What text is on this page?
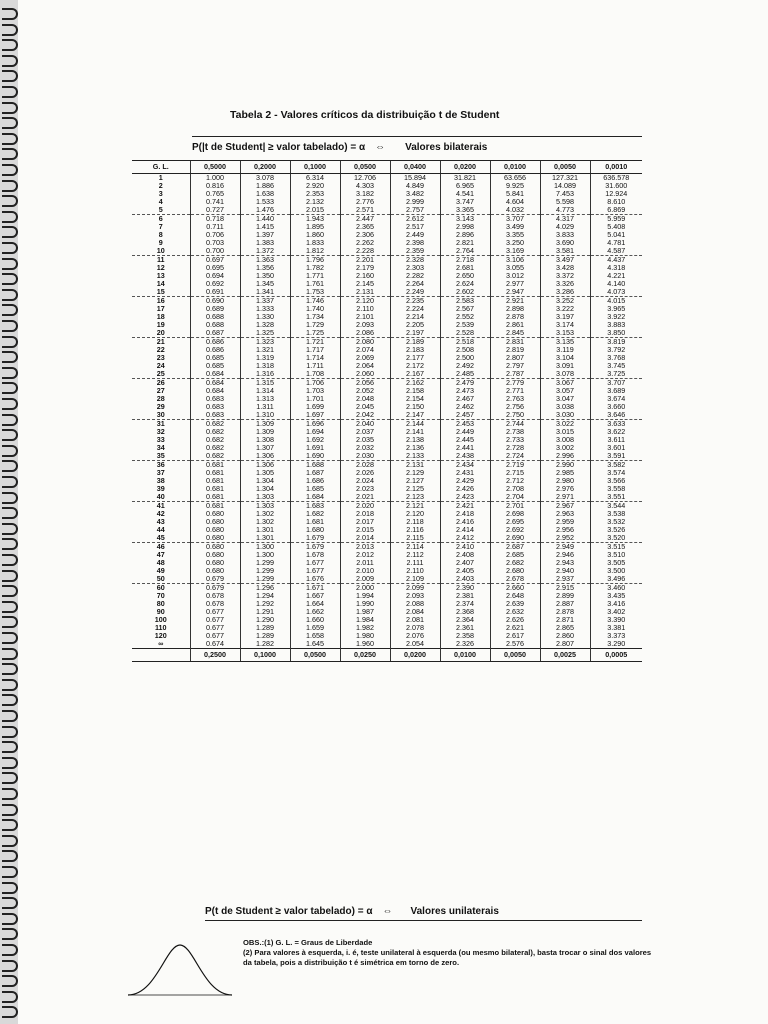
Tabela 2 - Valores críticos da distribuição t de Student
P(|t de Student| ≥ valor tabelado) = α ⇔ Valores bilaterais
G. L.	0,5000	0,2000	0,1000	0,0500	0,0400	0,0200	0,0100	0,0050	0,0010
1	1.000	3.078	6.314	12.706	15.894	31.821	63.656	127.321	636.578
2	0.816	1.886	2.920	4.303	4.849	6.965	9.925	14.089	31.600
3	0.765	1.638	2.353	3.182	3.482	4.541	5.841	7.453	12.924
4	0.741	1.533	2.132	2.776	2.999	3.747	4.604	5.598	8.610
5	0.727	1.476	2.015	2.571	2.757	3.365	4.032	4.773	6.869
6	0.718	1.440	1.943	2.447	2.612	3.143	3.707	4.317	5.959
7	0.711	1.415	1.895	2.365	2.517	2.998	3.499	4.029	5.408
8	0.706	1.397	1.860	2.306	2.449	2.896	3.355	3.833	5.041
9	0.703	1.383	1.833	2.262	2.398	2.821	3.250	3.690	4.781
10	0.700	1.372	1.812	2.228	2.359	2.764	3.169	3.581	4.587
11	0.697	1.363	1.796	2.201	2.328	2.718	3.106	3.497	4.437
12	0.695	1.356	1.782	2.179	2.303	2.681	3.055	3.428	4.318
13	0.694	1.350	1.771	2.160	2.282	2.650	3.012	3.372	4.221
14	0.692	1.345	1.761	2.145	2.264	2.624	2.977	3.326	4.140
15	0.691	1.341	1.753	2.131	2.249	2.602	2.947	3.286	4.073
16	0.690	1.337	1.746	2.120	2.235	2.583	2.921	3.252	4.015
17	0.689	1.333	1.740	2.110	2.224	2.567	2.898	3.222	3.965
18	0.688	1.330	1.734	2.101	2.214	2.552	2.878	3.197	3.922
19	0.688	1.328	1.729	2.093	2.205	2.539	2.861	3.174	3.883
20	0.687	1.325	1.725	2.086	2.197	2.528	2.845	3.153	3.850
21	0.686	1.323	1.721	2.080	2.189	2.518	2.831	3.135	3.819
22	0.686	1.321	1.717	2.074	2.183	2.508	2.819	3.119	3.792
23	0.685	1.319	1.714	2.069	2.177	2.500	2.807	3.104	3.768
24	0.685	1.318	1.711	2.064	2.172	2.492	2.797	3.091	3.745
25	0.684	1.316	1.708	2.060	2.167	2.485	2.787	3.078	3.725
26	0.684	1.315	1.706	2.056	2.162	2.479	2.779	3.067	3.707
27	0.684	1.314	1.703	2.052	2.158	2.473	2.771	3.057	3.689
28	0.683	1.313	1.701	2.048	2.154	2.467	2.763	3.047	3.674
29	0.683	1.311	1.699	2.045	2.150	2.462	2.756	3.038	3.660
30	0.683	1.310	1.697	2.042	2.147	2.457	2.750	3.030	3.646
31	0.682	1.309	1.696	2.040	2.144	2.453	2.744	3.022	3.633
32	0.682	1.309	1.694	2.037	2.141	2.449	2.738	3.015	3.622
33	0.682	1.308	1.692	2.035	2.138	2.445	2.733	3.008	3.611
34	0.682	1.307	1.691	2.032	2.136	2.441	2.728	3.002	3.601
35	0.682	1.306	1.690	2.030	2.133	2.438	2.724	2.996	3.591
36	0.681	1.306	1.688	2.028	2.131	2.434	2.719	2.990	3.582
37	0.681	1.305	1.687	2.026	2.129	2.431	2.715	2.985	3.574
38	0.681	1.304	1.686	2.024	2.127	2.429	2.712	2.980	3.566
39	0.681	1.304	1.685	2.023	2.125	2.426	2.708	2.976	3.558
40	0.681	1.303	1.684	2.021	2.123	2.423	2.704	2.971	3.551
41	0.681	1.303	1.683	2.020	2.121	2.421	2.701	2.967	3.544
42	0.680	1.302	1.682	2.018	2.120	2.418	2.698	2.963	3.538
43	0.680	1.302	1.681	2.017	2.118	2.416	2.695	2.959	3.532
44	0.680	1.301	1.680	2.015	2.116	2.414	2.692	2.956	3.526
45	0.680	1.301	1.679	2.014	2.115	2.412	2.690	2.952	3.520
46	0.680	1.300	1.679	2.013	2.114	2.410	2.687	2.949	3.515
47	0.680	1.300	1.678	2.012	2.112	2.408	2.685	2.946	3.510
48	0.680	1.299	1.677	2.011	2.111	2.407	2.682	2.943	3.505
49	0.680	1.299	1.677	2.010	2.110	2.405	2.680	2.940	3.500
50	0.679	1.299	1.676	2.009	2.109	2.403	2.678	2.937	3.496
60	0.679	1.296	1.671	2.000	2.099	2.390	2.660	2.915	3.460
70	0.678	1.294	1.667	1.994	2.093	2.381	2.648	2.899	3.435
80	0.678	1.292	1.664	1.990	2.088	2.374	2.639	2.887	3.416
90	0.677	1.291	1.662	1.987	2.084	2.368	2.632	2.878	3.402
100	0.677	1.290	1.660	1.984	2.081	2.364	2.626	2.871	3.390
110	0.677	1.289	1.659	1.982	2.078	2.361	2.621	2.865	3.381
120	0.677	1.289	1.658	1.980	2.076	2.358	2.617	2.860	3.373
∞	0.674	1.282	1.645	1.960	2.054	2.326	2.576	2.807	3.290
	0,2500	0,1000	0,0500	0,0250	0,0200	0,0100	0,0050	0,0025	0,0005
P(t de Student ≥ valor tabelado) = α ⇔ Valores unilaterais
OBS.:(1) G. L. = Graus de Liberdade
(2) Para valores à esquerda, i. é, teste unilateral à esquerda (ou mesmo bilateral), basta trocar o sinal dos valores da tabela, pois a distribuição t é simétrica em torno de zero.
